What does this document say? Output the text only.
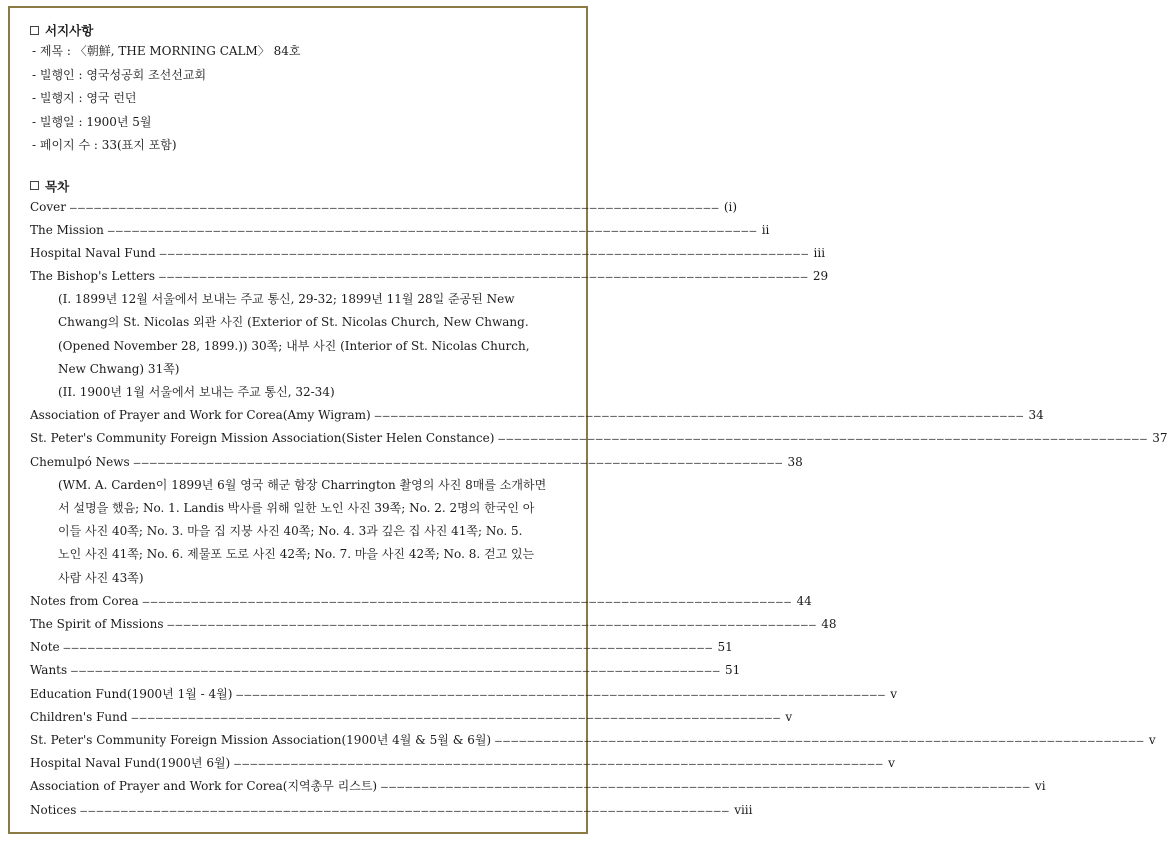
서지사항
- 제목 : 〈朝鮮, THE MORNING CALM〉 84호
- 빌행인 : 영국성공회 조선선교회
- 빌행지 : 영국 런던
- 빌행일 : 1900년 5월
- 페이지 수 : 33(표지 포함)
목차
Cover ———————————————————————————————————————————————————————————————————————————————— (i)
The Mission ———————————————————————————————————————————————————————————————————————————————— ii
Hospital Naval Fund ———————————————————————————————————————————————————————————————————————————————— iii
The Bishop's Letters ———————————————————————————————————————————————————————————————————————————————— 29
(I. 1899년 12월 서울에서 보내는 주교 통신, 29-32; 1899년 11월 28일 준공된 New
Chwang의 St. Nicolas 외관 사진 (Exterior of St. Nicolas Church, New Chwang.
(Opened November 28, 1899.)) 30쪽; 내부 사진 (Interior of St. Nicolas Church,
New Chwang) 31쪽)
(II. 1900년 1월 서울에서 보내는 주교 통신, 32-34)
Association of Prayer and Work for Corea(Amy Wigram) ———————————————————————————————————————————————————————————————————————————————— 34
St. Peter's Community Foreign Mission Association(Sister Helen Constance) ———————————————————————————————————————————————————————————————————————————————— 37
Chemulpó News ———————————————————————————————————————————————————————————————————————————————— 38
(WM. A. Carden이 1899년 6월 영국 해군 함장 Charrington 촬영의 사진 8매를 소개하면
서 설명을 했음; No. 1. Landis 박사를 위해 일한 노인 사진 39쪽; No. 2. 2명의 한국인 아
이들 사진 40쪽; No. 3. 마을 집 지붕 사진 40쪽; No. 4. 3과 깊은 집 사진 41쪽; No. 5.
노인 사진 41쪽; No. 6. 제물포 도로 사진 42쪽; No. 7. 마을 사진 42쪽; No. 8. 걷고 있는
사람 사진 43쪽)
Notes from Corea ———————————————————————————————————————————————————————————————————————————————— 44
The Spirit of Missions ———————————————————————————————————————————————————————————————————————————————— 48
Note ———————————————————————————————————————————————————————————————————————————————— 51
Wants ———————————————————————————————————————————————————————————————————————————————— 51
Education Fund(1900년 1월 - 4월) ———————————————————————————————————————————————————————————————————————————————— v
Children's Fund ———————————————————————————————————————————————————————————————————————————————— v
St. Peter's Community Foreign Mission Association(1900년 4월 & 5월 & 6월) ———————————————————————————————————————————————————————————————————————————————— v
Hospital Naval Fund(1900년 6월) ———————————————————————————————————————————————————————————————————————————————— v
Association of Prayer and Work for Corea(지역총무 리스트) ———————————————————————————————————————————————————————————————————————————————— vi
Notices ———————————————————————————————————————————————————————————————————————————————— viii
